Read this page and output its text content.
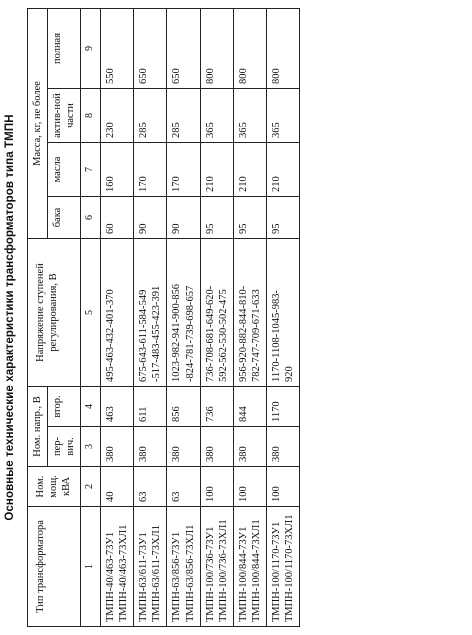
Основные технические характеристики трансформаторов типа ТМПН
Тип трансформатора	Ном. мощ. кВА	Ном. напр., В		Напряжение ступеней регулирования, В	Масса, кг, не более			
		пер-вич.	втор.		бака	масла	актив-ной части	полная
1	2	3	4	5	6	7	8	9
ТМПН-40/463-73У1 ТМПН-40/463-73ХЛ1	40	380	463	495-463-432-401-370	60	160	230	550
ТМПН-63/611-73У1 ТМПН-63/611-73ХЛ1	63	380	611	675-643-611-584-549 -517-483-455-423-391	90	170	285	650
ТМПН-63/856-73У1 ТМПН-63/856-73ХЛ1	63	380	856	1023-982-941-900-856 -824-781-739-698-657	90	170	285	650
ТМПН-100/736-73У1 ТМПН-100/736-73ХЛ1	100	380	736	736-708-681-649-620- 592-562-530-502-475	95	210	365	800
ТМПН-100/844-73У1 ТМПН-100/844-73ХЛ1	100	380	844	956-920-882-844-810- 782-747-709-671-633	95	210	365	800
ТМПН-100/1170-73У1 ТМПН-100/1170-73ХЛ1	100	380	1170	1170-1108-1045-983- 920	95	210	365	800
